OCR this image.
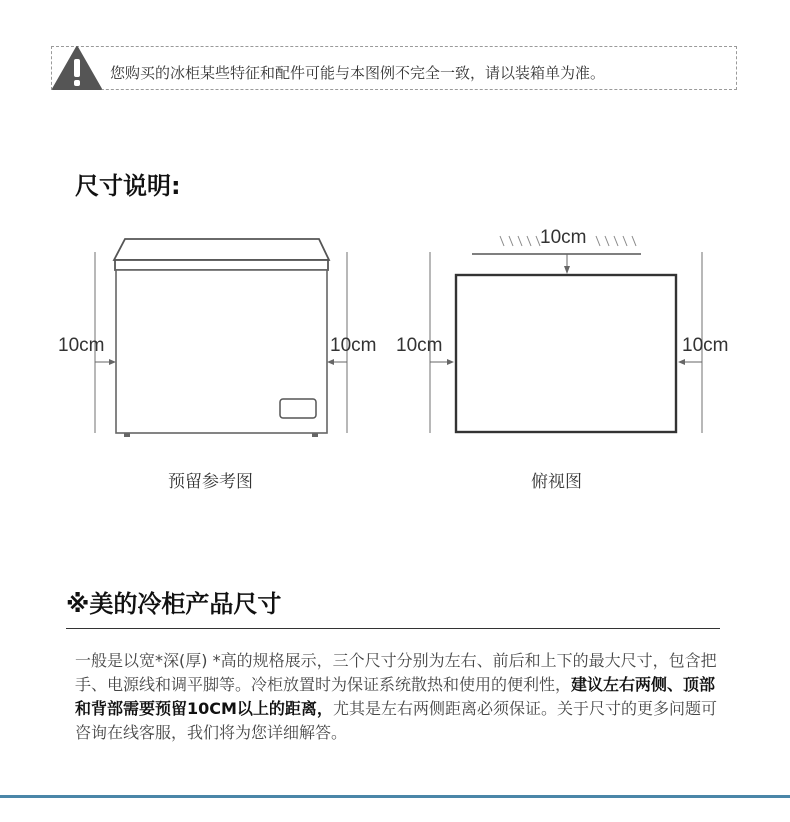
您购买的冰柜某些特征和配件可能与本图例不完全一致，请以装箱单为准。
尺寸说明:
10cm	10cm
10cm
10cm	10cm
预留参考图	俯视图
※美的冷柜产品尺寸
一般是以宽*深(厚) *高的规格展示，三个尺寸分别为左右、前后和上下的最大尺寸，包含把手、电源线和调平脚等。冷柜放置时为保证系统散热和使用的便利性，建议左右两侧、顶部和背部需要预留10CM以上的距离，尤其是左右两侧距离必须保证。关于尺寸的更多问题可咨询在线客服，我们将为您详细解答。
